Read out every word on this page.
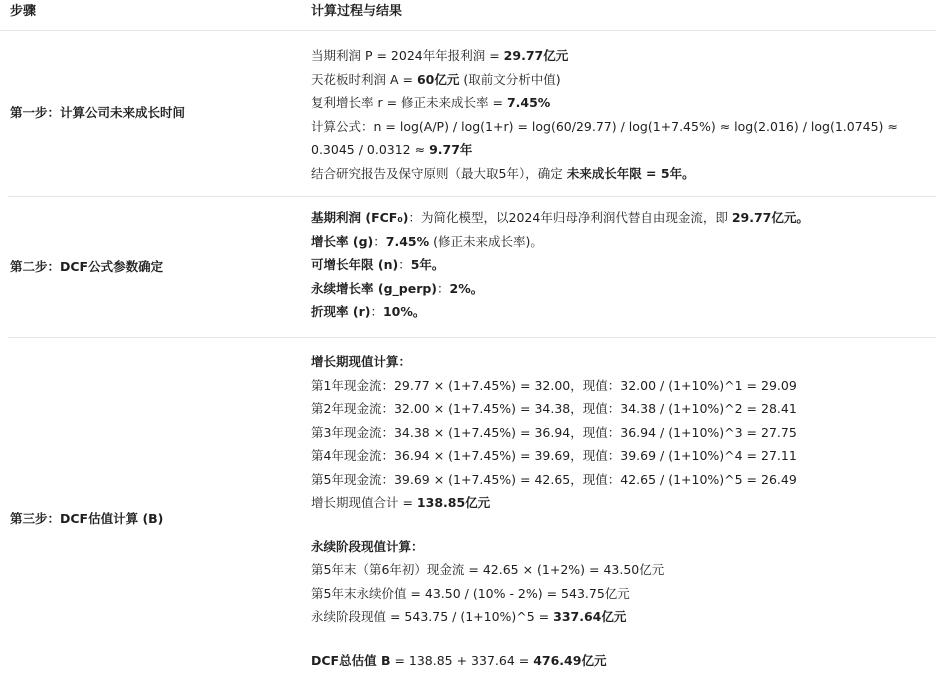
步骤	计算过程与结果
第一步：计算公司未来成长时间
当期利润 P = 2024年年报利润 = 29.77亿元
天花板时利润 A = 60亿元 (取前文分析中值)
复利增长率 r = 修正未来成长率 = 7.45%
计算公式：n = log(A/P) / log(1+r) = log(60/29.77) / log(1+7.45%) ≈ log(2.016) / log(1.0745) ≈ 0.3045 / 0.0312 ≈ 9.77年
结合研究报告及保守原则（最大取5年），确定 未来成长年限 = 5年。
第二步：DCF公式参数确定
基期利润 (FCF₀)：为简化模型，以2024年归母净利润代替自由现金流，即 29.77亿元。
增长率 (g)：7.45% (修正未来成长率)。
可增长年限 (n)：5年。
永续增长率 (g_perp)：2%。
折现率 (r)：10%。
第三步：DCF估值计算 (B)
增长期现值计算：
第1年现金流：29.77 × (1+7.45%) = 32.00，现值：32.00 / (1+10%)^1 = 29.09
第2年现金流：32.00 × (1+7.45%) = 34.38，现值：34.38 / (1+10%)^2 = 28.41
第3年现金流：34.38 × (1+7.45%) = 36.94，现值：36.94 / (1+10%)^3 = 27.75
第4年现金流：36.94 × (1+7.45%) = 39.69，现值：39.69 / (1+10%)^4 = 27.11
第5年现金流：39.69 × (1+7.45%) = 42.65，现值：42.65 / (1+10%)^5 = 26.49
增长期现值合计 = 138.85亿元
永续阶段现值计算：
第5年末（第6年初）现金流 = 42.65 × (1+2%) = 43.50亿元
第5年末永续价值 = 43.50 / (10% - 2%) = 543.75亿元
永续阶段现值 = 543.75 / (1+10%)^5 = 337.64亿元
DCF总估值 B = 138.85 + 337.64 = 476.49亿元
